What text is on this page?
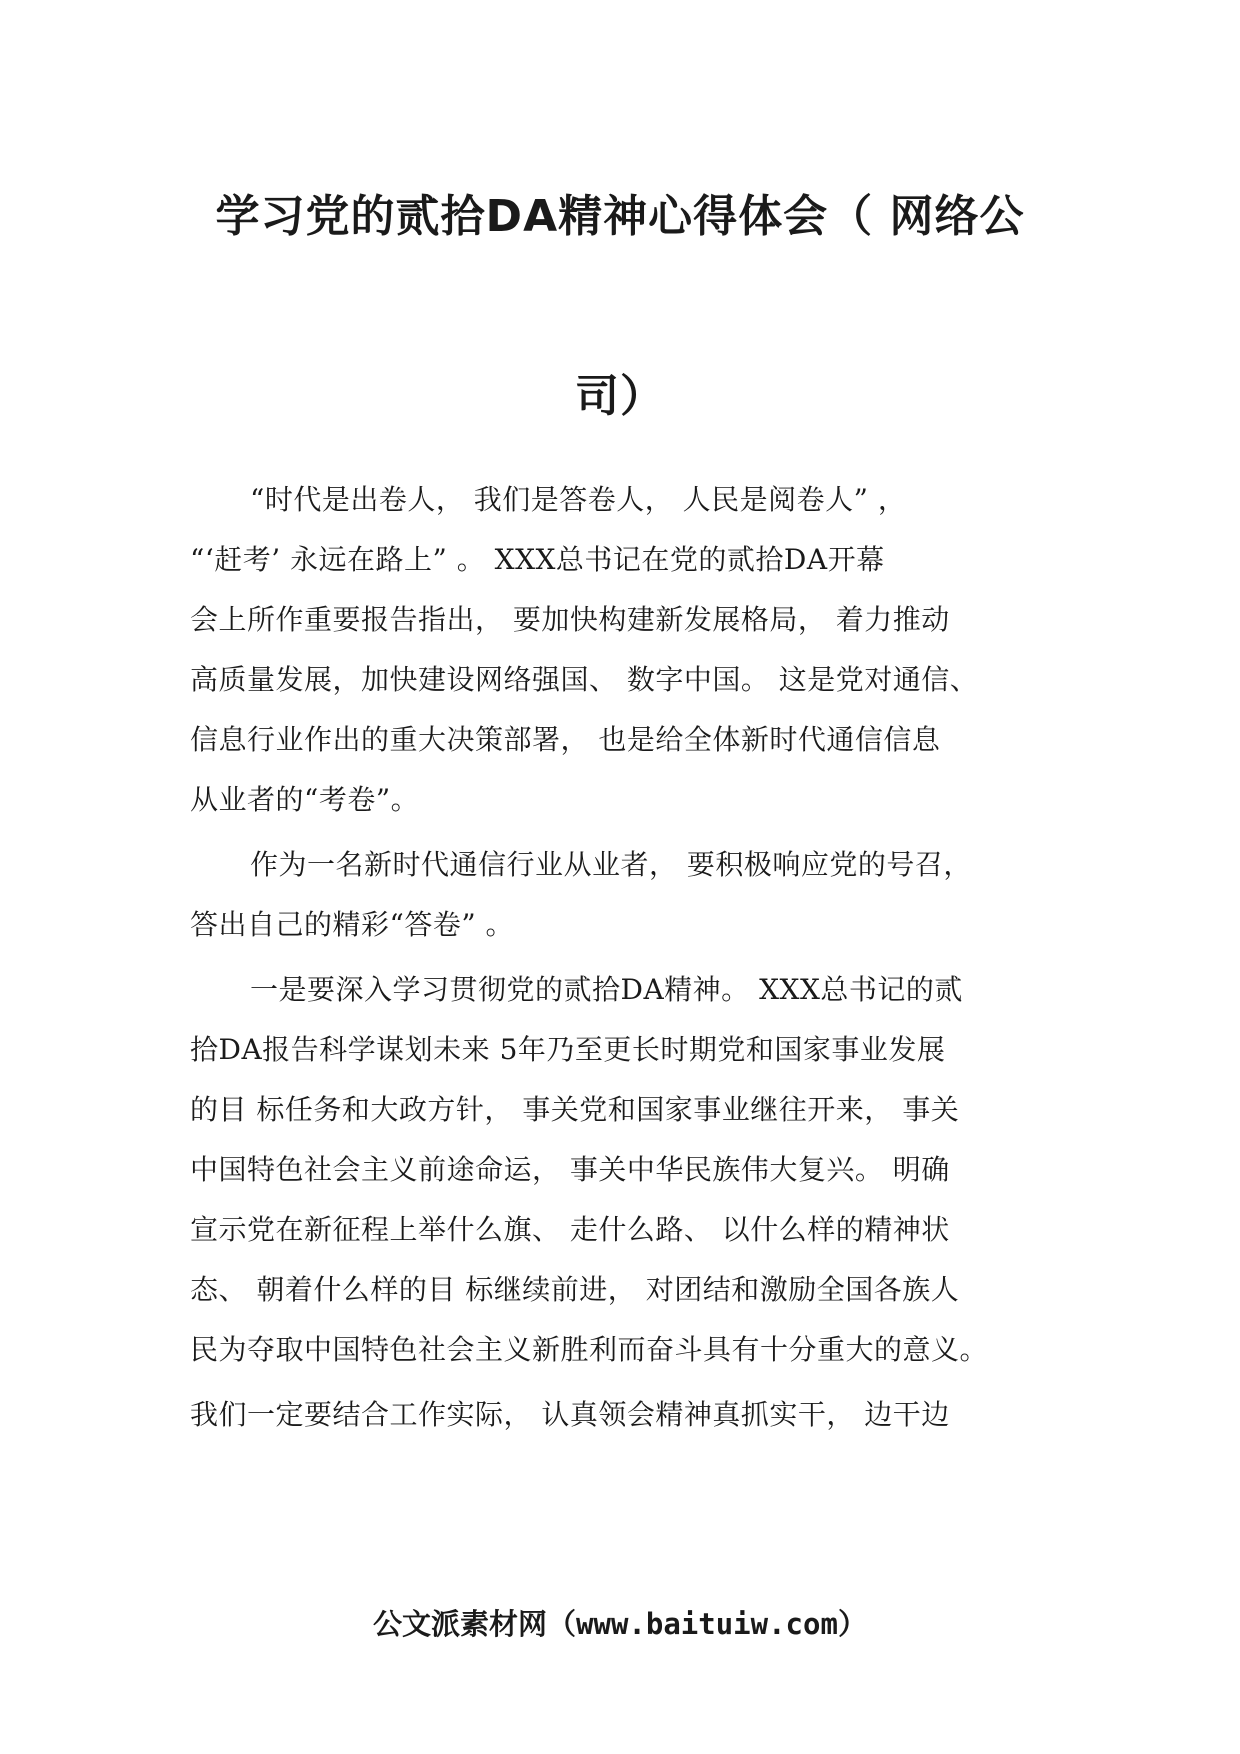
学习党的贰拾DA精神心得体会（ 网络公
司）
“时代是出卷人， 我们是答卷人， 人民是阅卷人” ，
“‘赶考’ 永远在路上” 。 XXX总书记在党的贰拾DA开幕
会上所作重要报告指出， 要加快构建新发展格局， 着力推动
高质量发展，加快建设网络强国、 数字中国。 这是党对通信、
信息行业作出的重大决策部署， 也是给全体新时代通信信息
从业者的“考卷”。
作为一名新时代通信行业从业者， 要积极响应党的号召，
答出自己的精彩“答卷” 。
一是要深入学习贯彻党的贰拾DA精神。 XXX总书记的贰
拾DA报告科学谋划未来 5年乃至更长时期党和国家事业发展
的目 标任务和大政方针， 事关党和国家事业继往开来， 事关
中国特色社会主义前途命运， 事关中华民族伟大复兴。 明确
宣示党在新征程上举什么旗、 走什么路、 以什么样的精神状
态、 朝着什么样的目 标继续前进， 对团结和激励全国各族人
民为夺取中国特色社会主义新胜利而奋斗具有十分重大的意义。
我们一定要结合工作实际， 认真领会精神真抓实干， 边干边
公文派素材网（www.baituiw.com）
